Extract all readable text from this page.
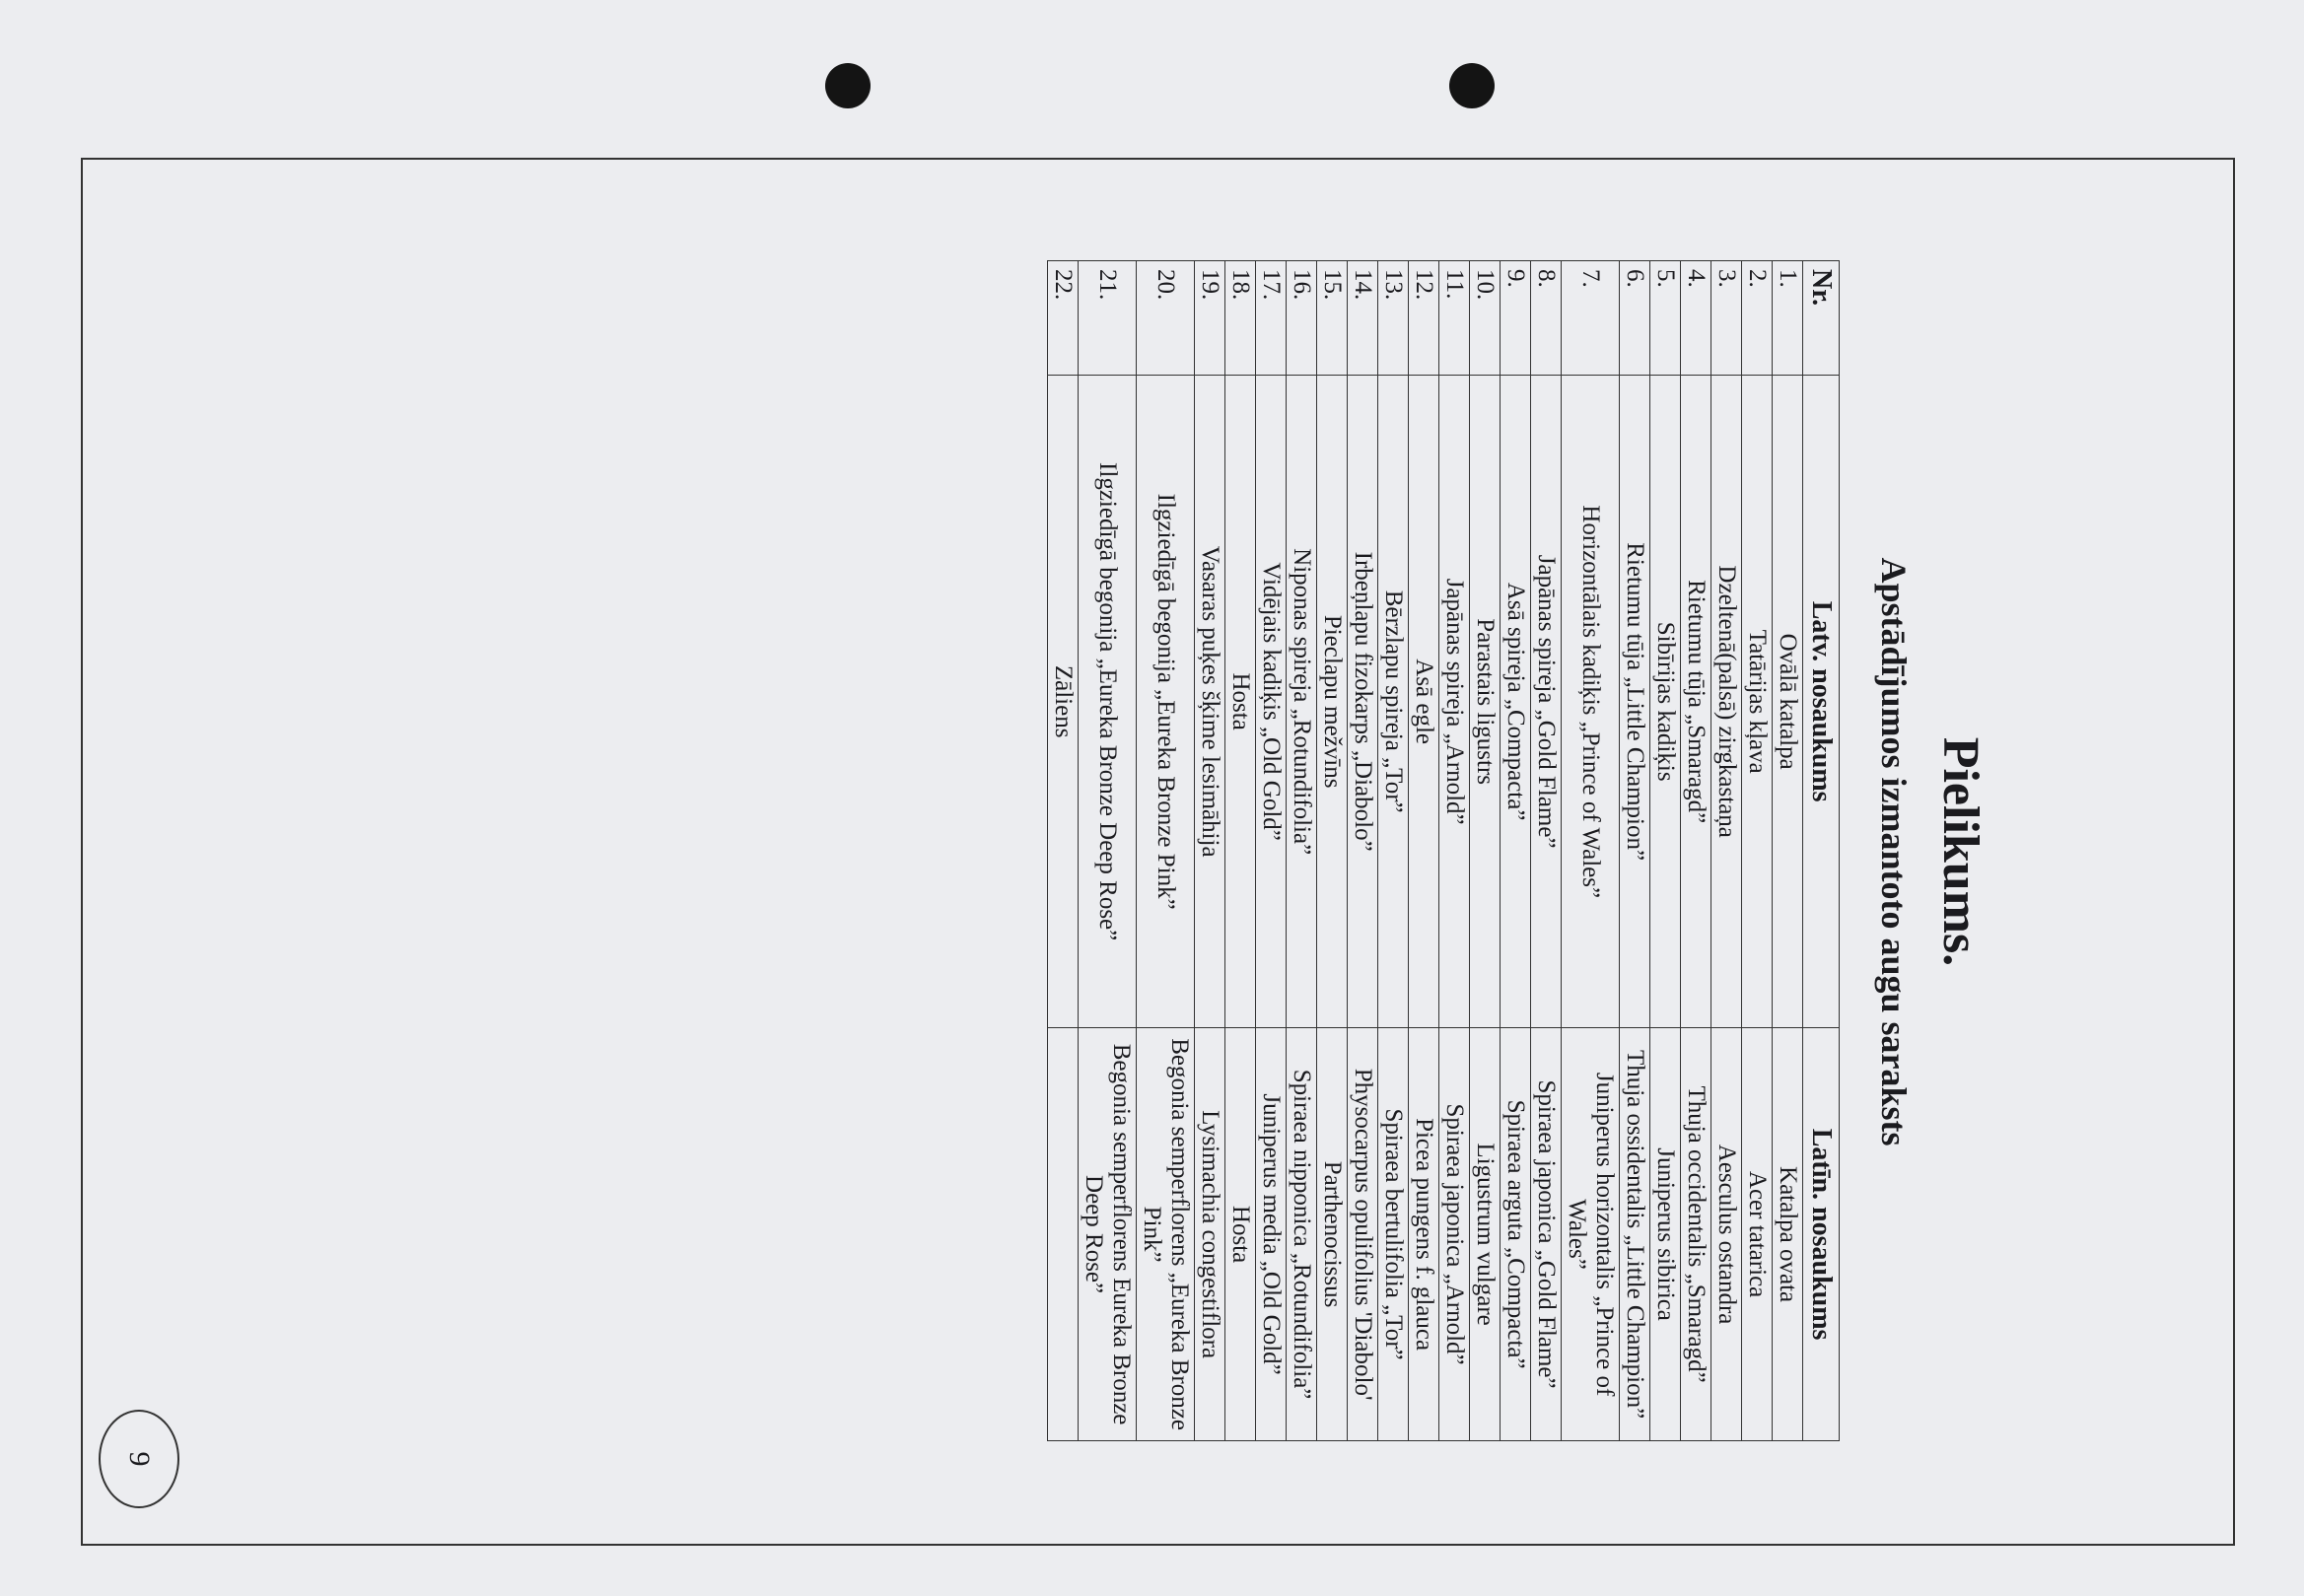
9
Pielikums.
Apstādījumos izmantoto augu saraksts
Nr.	Latv. nosaukums	Latīn. nosaukums
1.	Ovālā katalpa	Katalpa ovata
2.	Tatārijas kļava	Acer tatarica
3.	Dzeltenā(palsā) zirgkastaņa	Aesculus ostandra
4.	Rietumu tūja „Smaragd”	Thuja occidentalis „Smaragd”
5.	Sibīrijas kadiķis	Juniperus sibirica
6.	Rietumu tūja „Little Champion”	Thuja ossidentalis „Little Champion”
7.	Horizontālais kadiķis „Prince of Wales”	Juniperus horizontalis „Prince of Wales”
8.	Japānas spireja „Gold Flame”	Spiraea japonica „Gold Flame”
9.	Asā spireja „Compacta”	Spiraea arguta „Compacta”
10.	Parastais ligustrs	Ligustrum vulgare
11.	Japānas spireja „Arnold”	Spiraea japonica „Arnold”
12.	Asā egle	Picea pungens f. glauca
13.	Bērzlapu spireja „Tor”	Spiraea bertulifolia „Tor”
14.	Irbeņlapu fizokarps „Diabolo”	Physocarpus opulifolius 'Diabolo'
15.	Pieclapu mežvīns	Parthenocissus
16.	Niponas spireja „Rotundifolia”	Spiraea nipponica „Rotundifolia”
17.	Vidējais kadiķis „Old Gold”	Juniperus media „Old Gold”
18.	Hosta	Hosta
19.	Vasaras puķes šķime lesimāhija	Lysimachia congestiflora
20.	Ilgziedīgā begonija „Eureka Bronze Pink”	Begonia semperflorens „Eureka Bronze Pink”
21.	Ilgziedīgā begonija „Eureka Bronze Deep Rose”	Begonia semperflorens Eureka Bronze Deep Rose”
22.	Zāliens	
